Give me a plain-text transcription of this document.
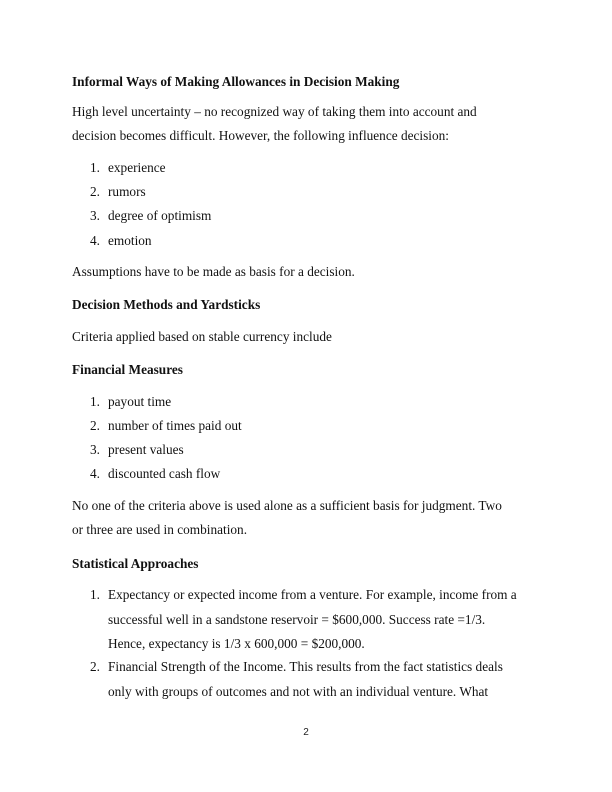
Informal Ways of Making Allowances in Decision Making
High level uncertainty – no recognized way of taking them into account and
decision becomes difficult. However, the following influence decision:
1. experience
2. rumors
3. degree of optimism
4. emotion
Assumptions have to be made as basis for a decision.
Decision Methods and Yardsticks
Criteria applied based on stable currency include
Financial Measures
1. payout time
2. number of times paid out
3. present values
4. discounted cash flow
No one of the criteria above is used alone as a sufficient basis for judgment. Two
or three are used in combination.
Statistical Approaches
1. Expectancy or expected income from a venture. For example, income from a
successful well in a sandstone reservoir = $600,000. Success rate =1/3.
Hence, expectancy is 1/3 x 600,000 = $200,000.
2. Financial Strength of the Income. This results from the fact statistics deals
only with groups of outcomes and not with an individual venture. What
2
